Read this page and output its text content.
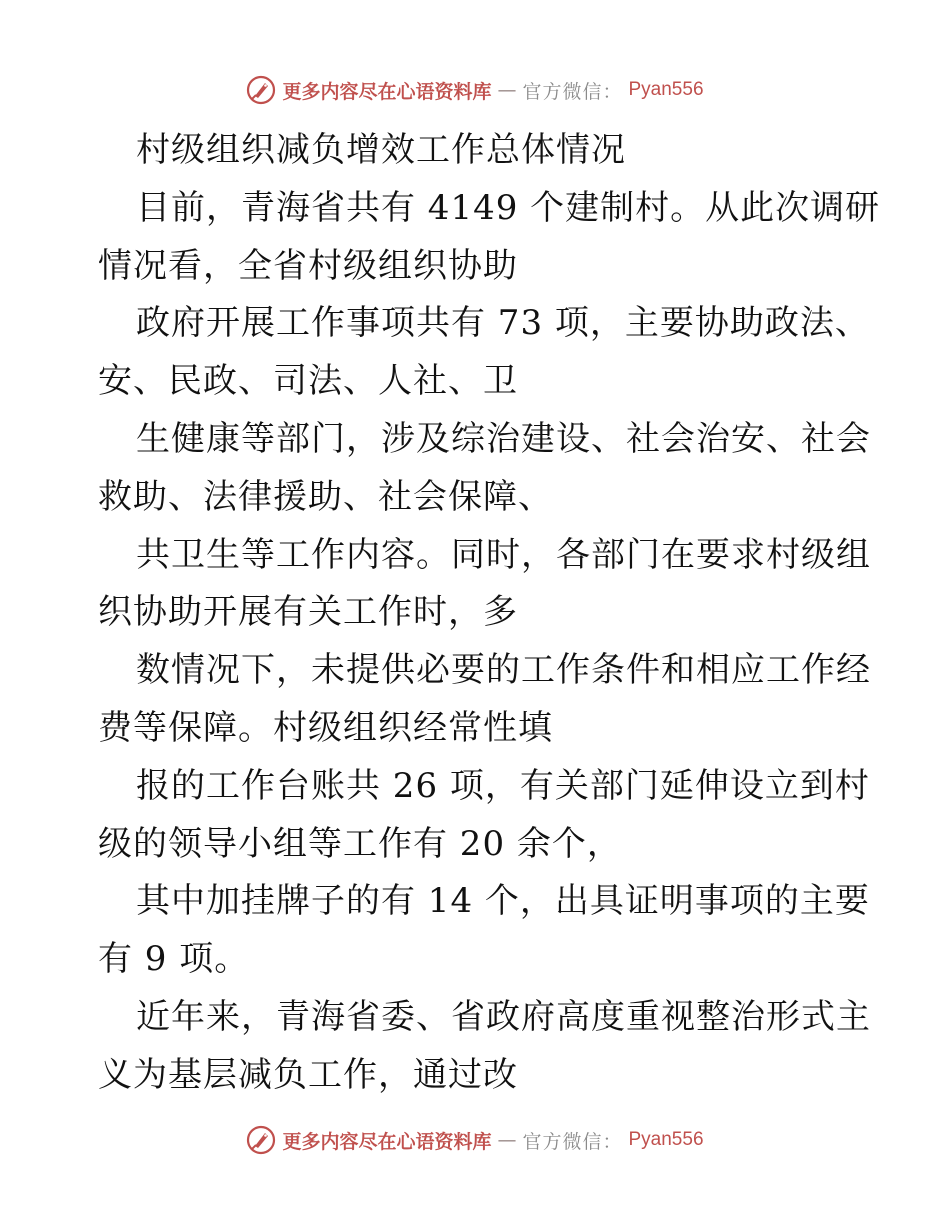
更多内容尽在心语资料库 — 官方微信： Pyan556
村级组织减负增效工作总体情况
目前，青海省共有 4149 个建制村。从此次调研
情况看，全省村级组织协助
政府开展工作事项共有 73 项，主要协助政法、
安、民政、司法、人社、卫
生健康等部门，涉及综治建设、社会治安、社会
救助、法律援助、社会保障、
共卫生等工作内容。同时，各部门在要求村级组
织协助开展有关工作时，多
数情况下，未提供必要的工作条件和相应工作经
费等保障。村级组织经常性填
报的工作台账共 26 项，有关部门延伸设立到村
级的领导小组等工作有 20 余个，
其中加挂牌子的有 14 个，出具证明事项的主要
有 9 项。
近年来，青海省委、省政府高度重视整治形式主
义为基层减负工作，通过改
更多内容尽在心语资料库 — 官方微信： Pyan556
